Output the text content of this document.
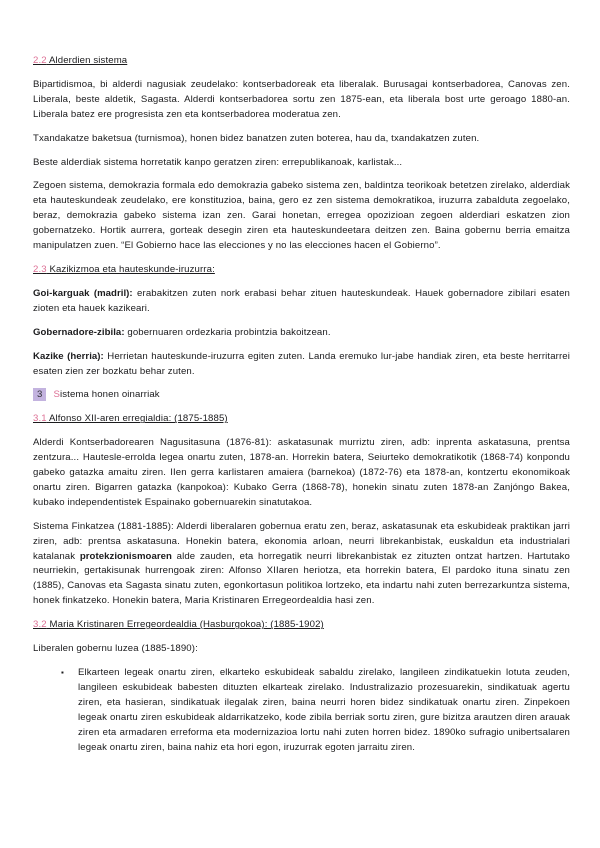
2.2 Alderdien sistema

Bipartidismoa, bi alderdi nagusiak zeudelako: kontserbadoreak eta liberalak. Burusagai kontserbadorea, Canovas zen. Liberala, beste aldetik, Sagasta. Alderdi kontserbadorea sortu zen 1875-ean, eta liberala bost urte geroago 1880-an. Liberala batez ere progresista zen eta kontserbadorea moderatua zen.

Txandakatze baketsua (turnismoa), honen bidez banatzen zuten boterea, hau da, txandakatzen zuten.

Beste alderdiak sistema horretatik kanpo geratzen ziren: errepublikanoak, karlistak...

Zegoen sistema, demokrazia formala edo demokrazia gabeko sistema zen, baldintza teorikoak betetzen zirelako, alderdiak eta hauteskundeak zeudelako, ere konstituzioa, baina, gero ez zen sistema demokratikoa, iruzurra zabalduta zegoelako, beraz, demokrazia gabeko sistema izan zen. Garai honetan, erregea opozizioan zegoen alderdiari eskatzen zion gobernatzeko. Hortik aurrera, gorteak desegin ziren eta hauteskundeetara deitzen zen. Baina gobernu berria emaitza manipulatzen zuen. “El Gobierno hace las elecciones y no las elecciones hacen el Gobierno”.

2.3 Kazikizmoa eta hauteskunde-iruzurra:

Goi-karguak (madril): erabakitzen zuten nork erabasi behar zituen hauteskundeak. Hauek gobernadore zibilari esaten zioten eta hauek kazikeari.

Gobernadore-zibila: gobernuaren ordezkaria probintzia bakoitzean.

Kazike (herria): Herrietan hauteskunde-iruzurra egiten zuten. Landa eremuko lur-jabe handiak ziren, eta beste herritarrei esaten zien zer bozkatu behar zuten.

3 Sistema honen oinarriak
3.1 Alfonso XII-aren erregialdia: (1875-1885)

Alderdi Kontserbadorearen Nagusitasuna (1876-81): askatasunak murriztu ziren, adb: inprenta askatasuna, prentsa zentzura... Hautesle-errolda legea onartu zuten, 1878-an. Horrekin batera, Seiurteko demokratikotik (1868-74) konpondu gabeko gatazka amaitu ziren. IIen gerra karlistaren amaiera (barnekoa) (1872-76) eta 1878-an, kontzertu ekonomikoak onartu ziren. Bigarren gatazka (kanpokoa): Kubako Gerra (1868-78), honekin sinatu zuten 1878-an Zanjóngo Bakea, kubako independentistek Espainako gobernuarekin sinatutakoa.

Sistema Finkatzea (1881-1885): Alderdi liberalaren gobernua eratu zen, beraz, askatasunak eta eskubideak praktikan jarri ziren, adb: prentsa askatasuna. Honekin batera, ekonomia arloan, neurri librekanbistak, euskaldun eta industrialari katalanak protekzionismoaren alde zauden, eta horregatik neurri librekanbistak ez zituzten ontzat hartzen. Hartutako neurriekin, gertakisunak hurrengoak ziren: Alfonso XIIaren heriotza, eta horrekin batera, El pardoko ituna sinatu zen (1885), Canovas eta Sagasta sinatu zuten, egonkortasun politikoa lortzeko, eta indartu nahi zuten berrezarkuntza sistema, honek finkatzeko. Honekin batera, Maria Kristinaren Erregeordealdia hasi zen.

3.2 Maria Kristinaren Erregeordealdia (Hasburgokoa): (1885-1902)

Liberalen gobernu luzea (1885-1890):

▪ Elkarteen legeak onartu ziren, elkarteko eskubideak sabaldu zirelako, langileen zindikatuekin lotuta zeuden, langileen eskubideak babesten dituzten elkarteak zirelako. Industralizazio prozesuarekin, sindikatuak agertu ziren, eta hasieran, sindikatuak ilegalak ziren, baina neurri horen bidez sindikatuak onartu ziren. Zinpekoen legeak onartu ziren eskubideak aldarrikatzeko, kode zibila berriak sortu ziren, gure bizitza arautzen diren arauak ziren eta armadaren erreforma eta modernizazioa lortu nahi zuten horren bidez. 1890ko sufragio unibertsalaren legeak onartu ziren, baina nahiz eta hori egon, iruzurrak egoten jarraitu ziren.
